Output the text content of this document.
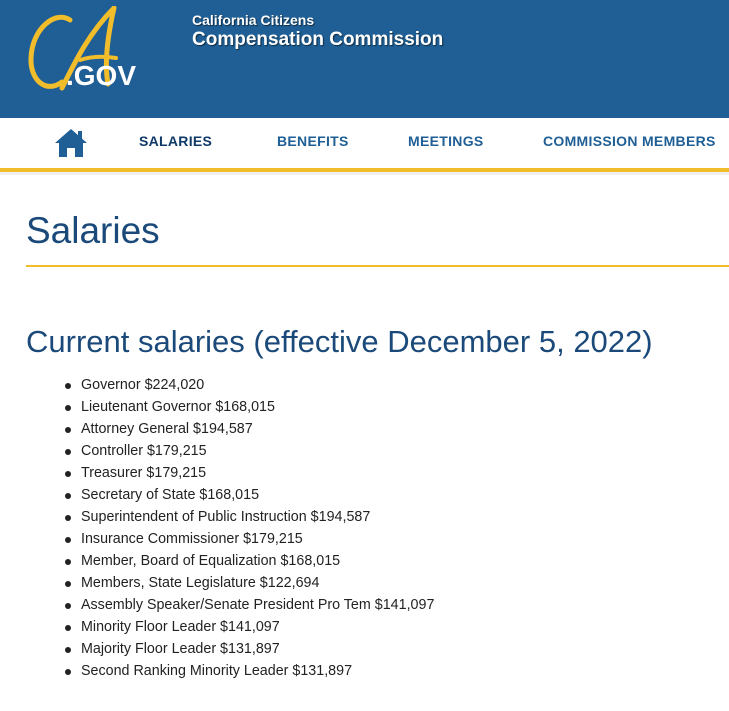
.GOV
California Citizens
Compensation Commission
SALARIES	BENEFITS	MEETINGS	COMMISSION MEMBERS
Salaries
Current salaries (effective December 5, 2022)
Governor $224,020
Lieutenant Governor $168,015
Attorney General $194,587
Controller $179,215
Treasurer $179,215
Secretary of State $168,015
Superintendent of Public Instruction $194,587
Insurance Commissioner $179,215
Member, Board of Equalization $168,015
Members, State Legislature $122,694
Assembly Speaker/Senate President Pro Tem $141,097
Minority Floor Leader $141,097
Majority Floor Leader $131,897
Second Ranking Minority Leader $131,897
